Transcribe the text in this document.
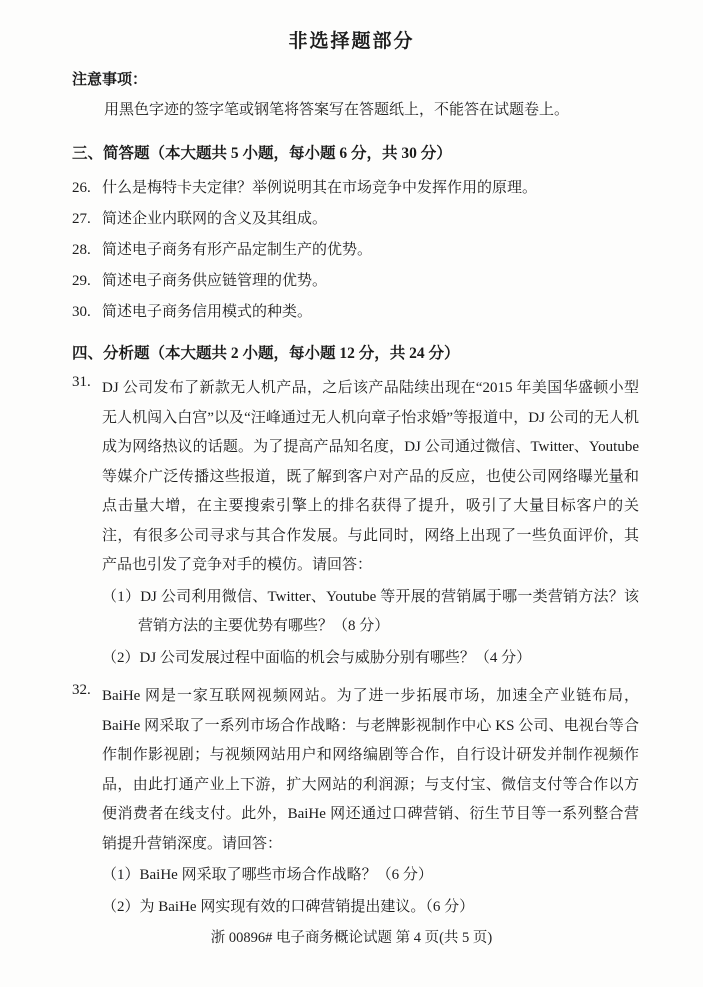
非选择题部分
注意事项：
用黑色字迹的签字笔或钢笔将答案写在答题纸上，不能答在试题卷上。
三、简答题（本大题共 5 小题，每小题 6 分，共 30 分）
26. 什么是梅特卡夫定律？举例说明其在市场竞争中发挥作用的原理。
27. 简述企业内联网的含义及其组成。
28. 简述电子商务有形产品定制生产的优势。
29. 简述电子商务供应链管理的优势。
30. 简述电子商务信用模式的种类。
四、分析题（本大题共 2 小题，每小题 12 分，共 24 分）
31. DJ 公司发布了新款无人机产品，之后该产品陆续出现在“2015 年美国华盛顿小型无人机闯入白宫”以及“汪峰通过无人机向章子怡求婚”等报道中，DJ 公司的无人机成为网络热议的话题。为了提高产品知名度，DJ 公司通过微信、Twitter、Youtube 等媒介广泛传播这些报道，既了解到客户对产品的反应，也使公司网络曝光量和点击量大增，在主要搜索引擎上的排名获得了提升，吸引了大量目标客户的关注，有很多公司寻求与其合作发展。与此同时，网络上出现了一些负面评价，其产品也引发了竞争对手的模仿。请回答：
（1）DJ 公司利用微信、Twitter、Youtube 等开展的营销属于哪一类营销方法？该营销方法的主要优势有哪些？（8 分）
（2）DJ 公司发展过程中面临的机会与威胁分别有哪些？（4 分）
32. BaiHe 网是一家互联网视频网站。为了进一步拓展市场，加速全产业链布局，BaiHe 网采取了一系列市场合作战略：与老牌影视制作中心 KS 公司、电视台等合作制作影视剧；与视频网站用户和网络编剧等合作，自行设计研发并制作视频作品，由此打通产业上下游，扩大网站的利润源；与支付宝、微信支付等合作以方便消费者在线支付。此外，BaiHe 网还通过口碑营销、衍生节目等一系列整合营销提升营销深度。请回答：
（1）BaiHe 网采取了哪些市场合作战略？（6 分）
（2）为 BaiHe 网实现有效的口碑营销提出建议。（6 分）
浙 00896# 电子商务概论试题 第 4 页(共 5 页)
